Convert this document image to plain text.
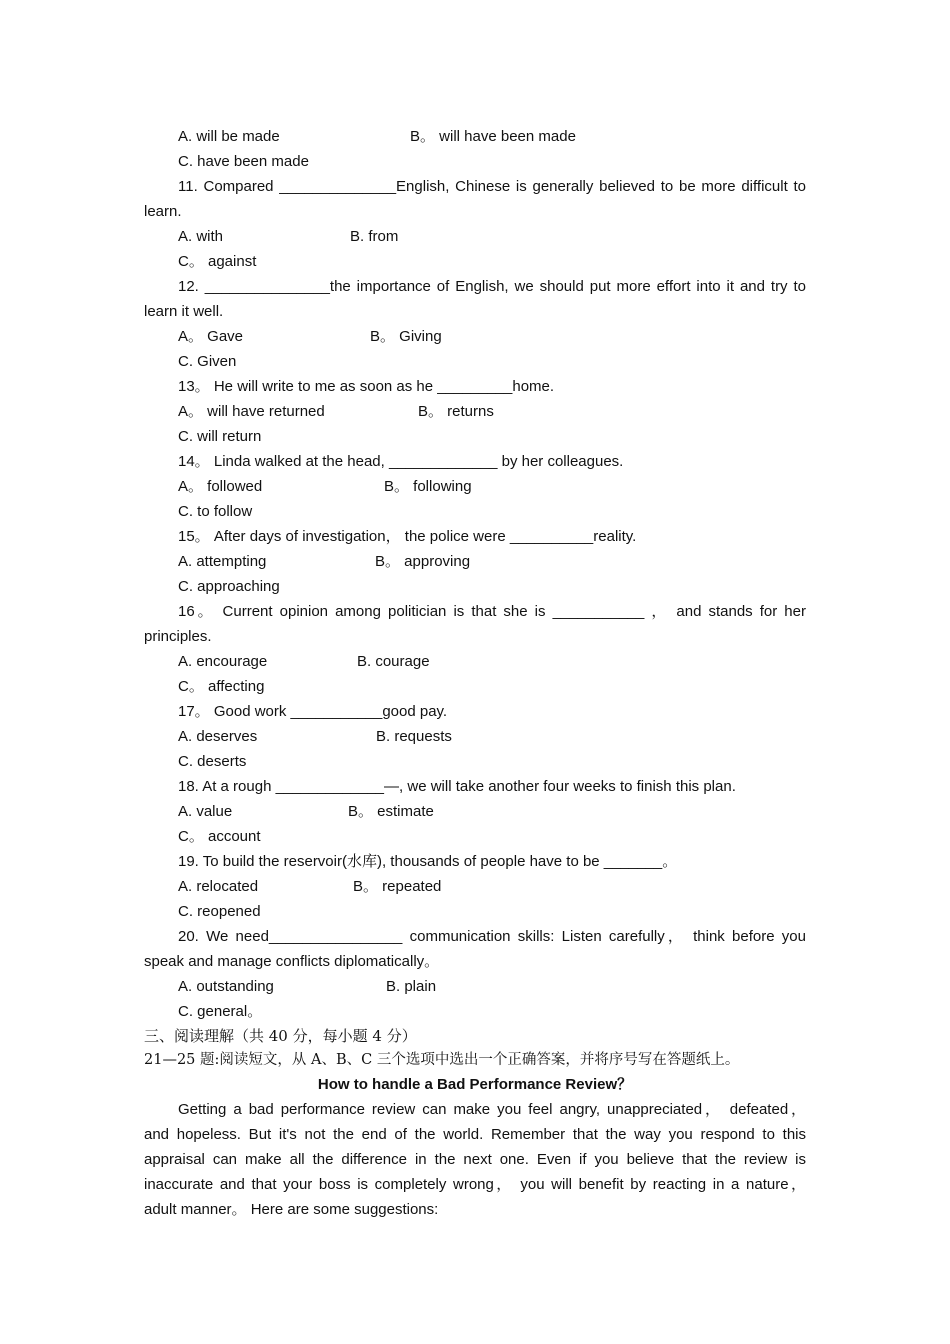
A. will be made	B。 will have been made
C. have been made
11. Compared ______________English, Chinese is generally believed to be more difficult to
learn.
A. with	B. from
C。 against
12. _______________the importance of English, we should put more effort into it and try to
learn it well.
A。 Gave	B。 Giving
C. Given
13。 He will write to me as soon as he _________home.
A。 will have returned	B。 returns
C. will return
14。 Linda walked at the head, _____________ by her colleagues.
A。 followed	B。 following
C. to follow
15。 After days of investigation， the police were __________reality.
A. attempting	B。 approving
C. approaching
16。 Current opinion among politician is that she is ___________ ， and stands for her
principles.
A. encourage	B. courage
C。 affecting
17。 Good work ___________good pay.
A. deserves	B. requests
C. deserts
18. At a rough _____________—, we will take another four weeks to finish this plan.
A. value	B。 estimate
C。 account
19. To build the reservoir(水库), thousands of people have to be _______。
A. relocated	B。 repeated
C. reopened
20. We need________________ communication skills: Listen carefully， think before you
speak and manage conflicts diplomatically。
A. outstanding	B. plain
C. general。
三、阅读理解（共 40 分，每小题 4 分）
21—25 题:阅读短文，从 A、B、C 三个选项中选出一个正确答案，并将序号写在答题纸上。
How to handle a Bad Performance Review？
Getting a bad performance review can make you feel angry, unappreciated， defeated，
and hopeless. But it's not the end of the world. Remember that the way you respond to this
appraisal can make all the difference in the next one. Even if you believe that the review is
inaccurate and that your boss is completely wrong， you will benefit by reacting in a nature，
adult manner。 Here are some suggestions:
